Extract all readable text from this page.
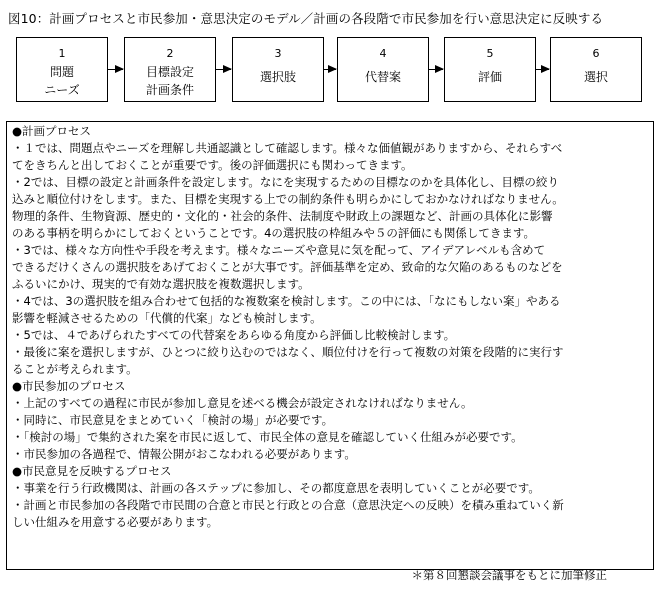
図10：計画プロセスと市民参加・意思決定のモデル／計画の各段階で市民参加を行い意思決定に反映する
1
問題
ニーズ
2
目標設定
計画条件
3
選択肢
4
代替案
5
評価
6
選択
●計画プロセス
・１では、問題点やニーズを理解し共通認識として確認します。様々な価値観がありますから、それらすべ
てをきちんと出しておくことが重要です。後の評価選択にも関わってきます。
・2では、目標の設定と計画条件を設定します。なにを実現するための目標なのかを具体化し、目標の絞り
込みと順位付けをします。また、目標を実現する上での制約条件も明らかにしておかなければなりません。
物理的条件、生物資源、歴史的・文化的・社会的条件、法制度や財政上の課題など、計画の具体化に影響
のある事柄を明らかにしておくということです。4の選択肢の枠組みや５の評価にも関係してきます。
・3では、様々な方向性や手段を考えます。様々なニーズや意見に気を配って、アイデアレベルも含めて
できるだけくさんの選択肢をあげておくことが大事です。評価基準を定め、致命的な欠陥のあるものなどを
ふるいにかけ、現実的で有効な選択肢を複数選択します。
・4では、3の選択肢を組み合わせて包括的な複数案を検討します。この中には、「なにもしない案」やある
影響を軽減させるための「代償的代案」なども検討します。
・5では、４であげられたすべての代替案をあらゆる角度から評価し比較検討します。
・最後に案を選択しますが、ひとつに絞り込むのではなく、順位付けを行って複数の対策を段階的に実行す
ることが考えられます。
●市民参加のプロセス
・上記のすべての過程に市民が参加し意見を述べる機会が設定されなければなりません。
・同時に、市民意見をまとめていく「検討の場」が必要です。
・「検討の場」で集約された案を市民に返して、市民全体の意見を確認していく仕組みが必要です。
・市民参加の各過程で、情報公開がおこなわれる必要があります。
●市民意見を反映するプロセス
・事業を行う行政機関は、計画の各ステップに参加し、その都度意思を表明していくことが必要です。
・計画と市民参加の各段階で市民間の合意と市民と行政との合意（意思決定への反映）を積み重ねていく新
しい仕組みを用意する必要があります。
＊第８回懇談会議事をもとに加筆修正
